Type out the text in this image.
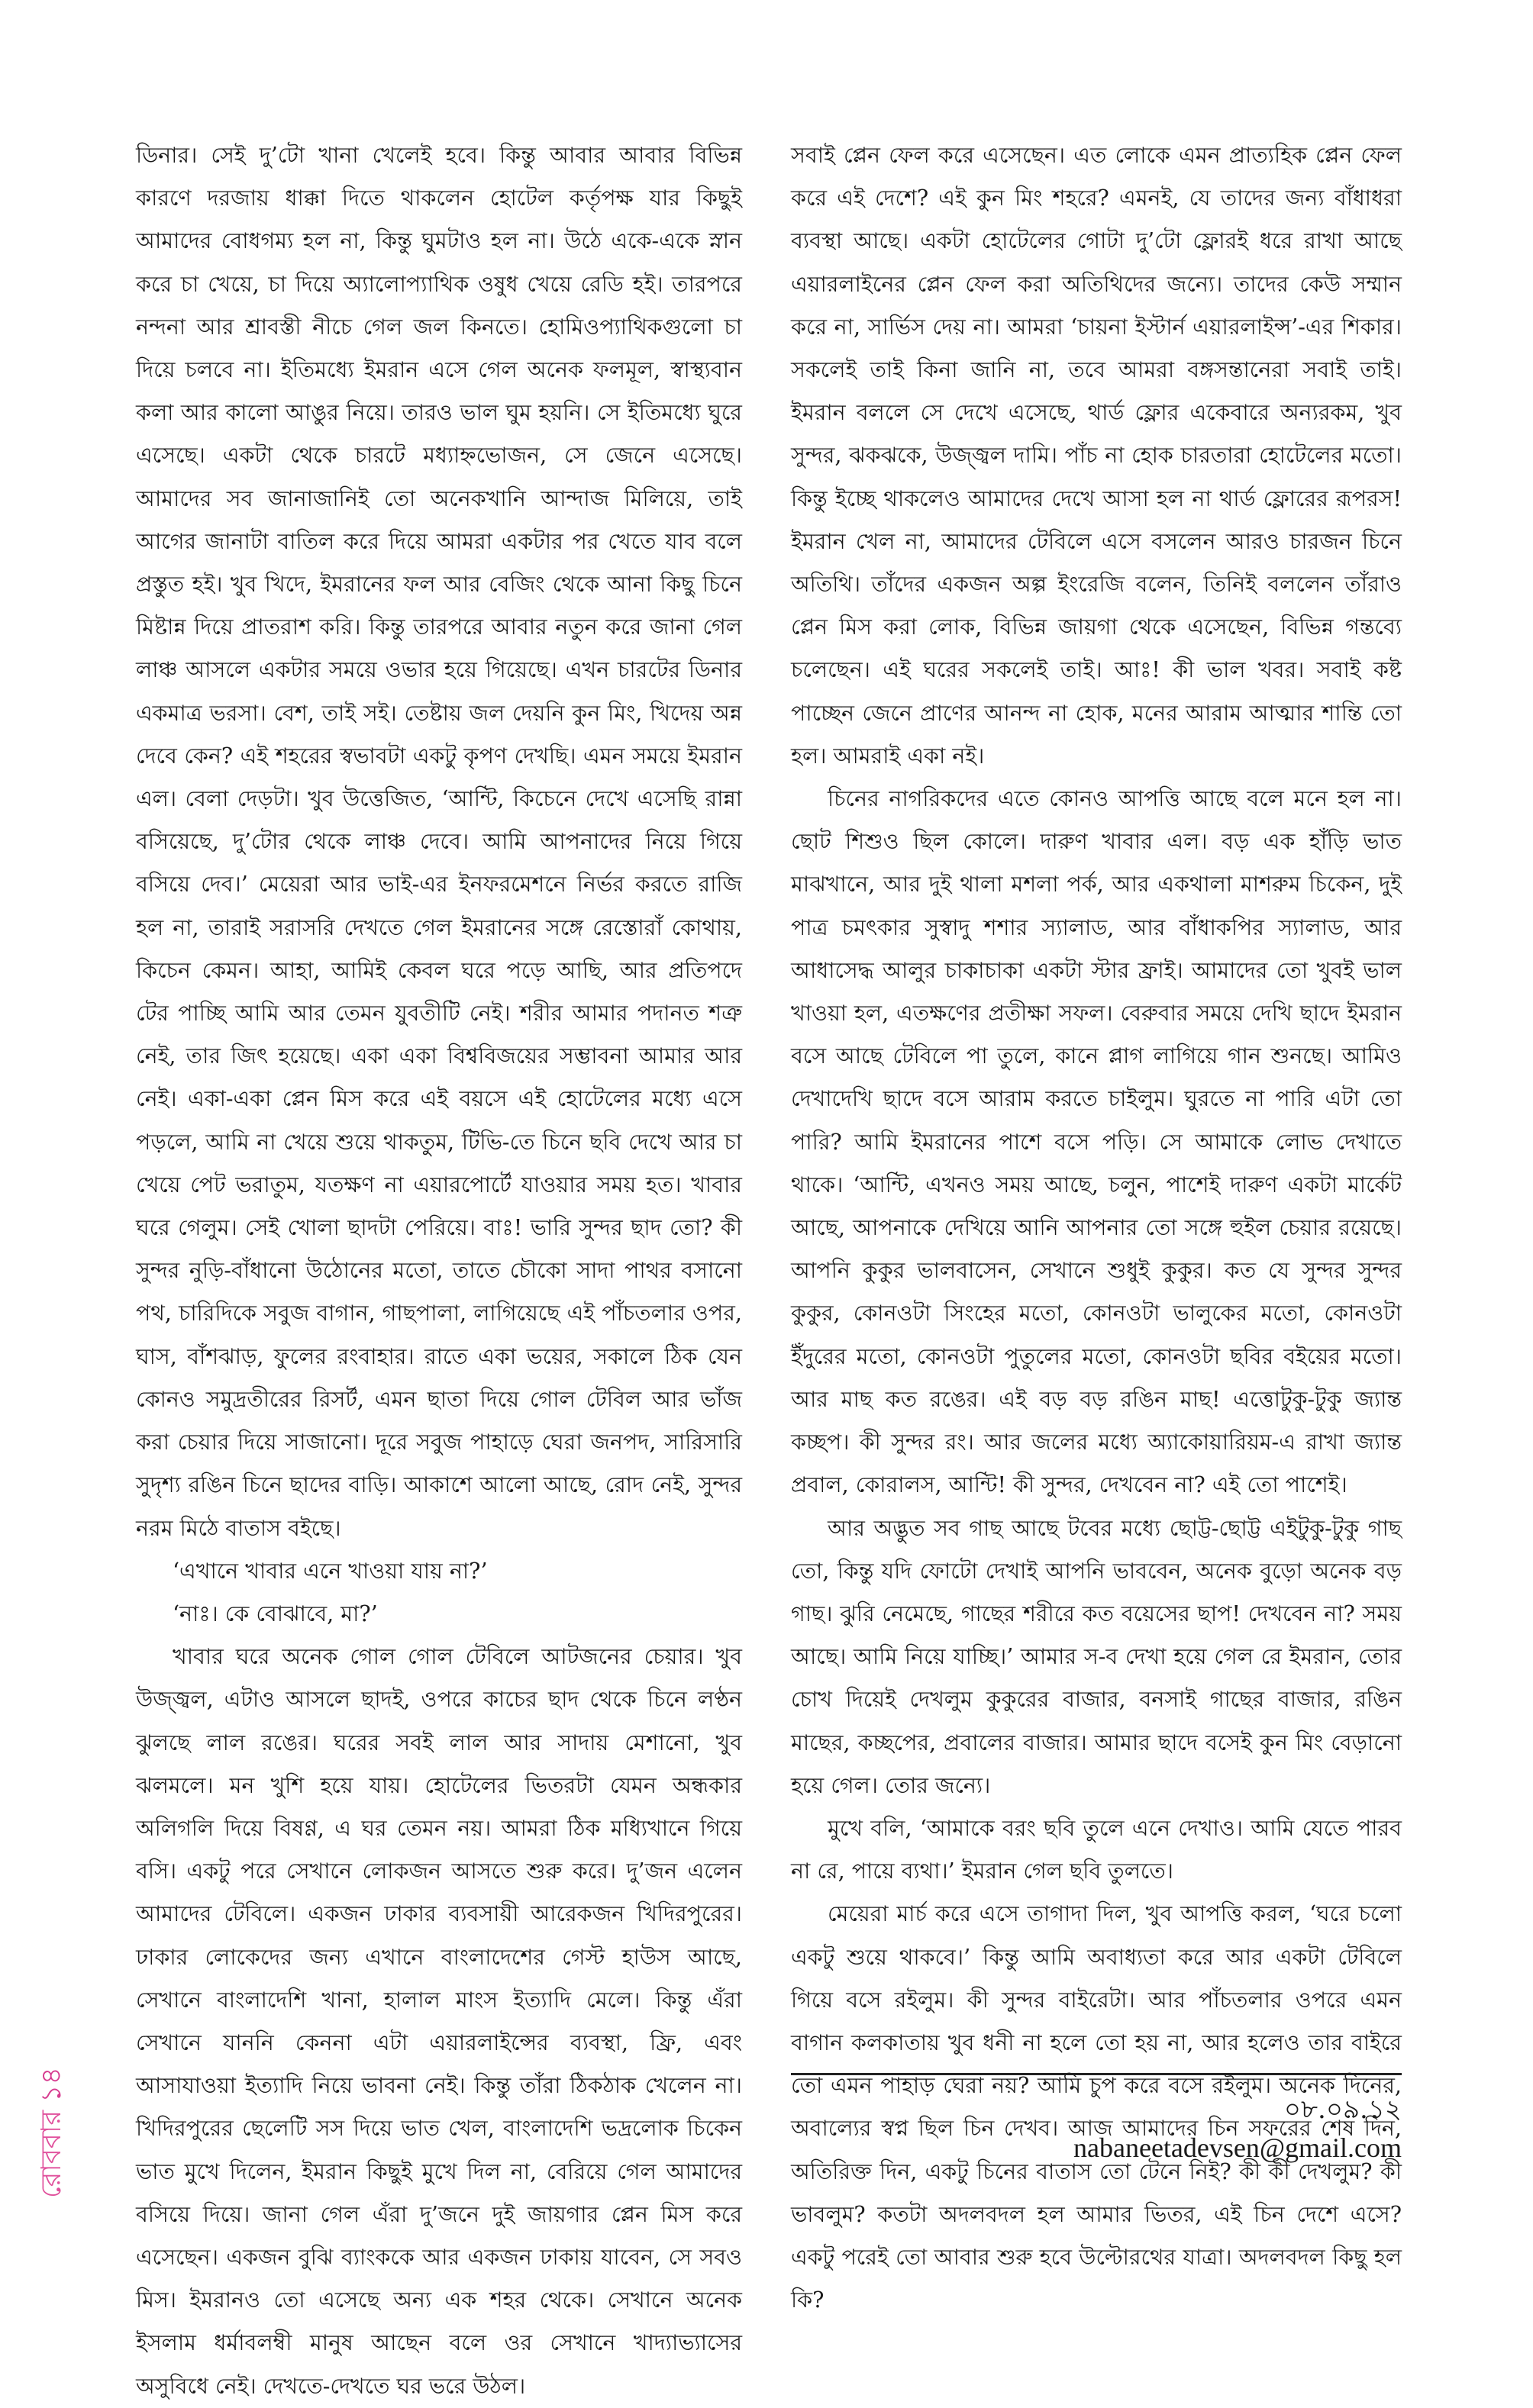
ডিনার। সেই দু’টো খানা খেলেই হবে। কিন্তু আবার আবার বিভিন্ন কারণে দরজায় ধাক্কা দিতে থাকলেন হোটেল কর্তৃপক্ষ যার কিছুই আমাদের বোধগম্য হল না, কিন্তু ঘুমটাও হল না। উঠে একে-একে স্নান করে চা খেয়ে, চা দিয়ে অ্যালোপ্যাথিক ওষুধ খেয়ে রেডি হই। তারপরে নন্দনা আর শ্রাবস্তী নীচে গেল জল কিনতে। হোমিওপ্যাথিকগুলো চা দিয়ে চলবে না। ইতিমধ্যে ইমরান এসে গেল অনেক ফলমূল, স্বাস্থ্যবান কলা আর কালো আঙুর নিয়ে। তারও ভাল ঘুম হয়নি। সে ইতিমধ্যে ঘুরে এসেছে। একটা থেকে চারটে মধ্যাহ্নভোজন, সে জেনে এসেছে। আমাদের সব জানাজানিই তো অনেকখানি আন্দাজ মিলিয়ে, তাই আগের জানাটা বাতিল করে দিয়ে আমরা একটার পর খেতে যাব বলে প্রস্তুত হই। খুব খিদে, ইমরানের ফল আর বেজিং থেকে আনা কিছু চিনে মিষ্টান্ন দিয়ে প্রাতরাশ করি। কিন্তু তারপরে আবার নতুন করে জানা গেল লাঞ্চ আসলে একটার সময়ে ওভার হয়ে গিয়েছে। এখন চারটের ডিনার একমাত্র ভরসা। বেশ, তাই সই। তেষ্টায় জল দেয়নি কুন মিং, খিদেয় অন্ন দেবে কেন? এই শহরের স্বভাবটা একটু কৃপণ দেখছি। এমন সময়ে ইমরান এল। বেলা দেড়টা। খুব উত্তেজিত, ‘আন্টি, কিচেনে দেখে এসেছি রান্না বসিয়েছে, দু’টোর থেকে লাঞ্চ দেবে। আমি আপনাদের নিয়ে গিয়ে বসিয়ে দেব।’ মেয়েরা আর ভাই-এর ইনফরমেশনে নির্ভর করতে রাজি হল না, তারাই সরাসরি দেখতে গেল ইমরানের সঙ্গে রেস্তোরাঁ কোথায়, কিচেন কেমন। আহা, আমিই কেবল ঘরে পড়ে আছি, আর প্রতিপদে টের পাচ্ছি আমি আর তেমন যুবতীটি নেই। শরীর আমার পদানত শত্রু নেই, তার জিৎ হয়েছে। একা একা বিশ্ববিজয়ের সম্ভাবনা আমার আর নেই। একা-একা প্লেন মিস করে এই বয়সে এই হোটেলের মধ্যে এসে পড়লে, আমি না খেয়ে শুয়ে থাকতুম, টিভি-তে চিনে ছবি দেখে আর চা খেয়ে পেট ভরাতুম, যতক্ষণ না এয়ারপোর্টে যাওয়ার সময় হত। খাবার ঘরে গেলুম। সেই খোলা ছাদটা পেরিয়ে। বাঃ! ভারি সুন্দর ছাদ তো? কী সুন্দর নুড়ি-বাঁধানো উঠোনের মতো, তাতে চৌকো সাদা পাথর বসানো পথ, চারিদিকে সবুজ বাগান, গাছপালা, লাগিয়েছে এই পাঁচতলার ওপর, ঘাস, বাঁশঝাড়, ফুলের রংবাহার। রাতে একা ভয়ের, সকালে ঠিক যেন কোনও সমুদ্রতীরের রিসর্ট, এমন ছাতা দিয়ে গোল টেবিল আর ভাঁজ করা চেয়ার দিয়ে সাজানো। দূরে সবুজ পাহাড়ে ঘেরা জনপদ, সারিসারি সুদৃশ্য রঙিন চিনে ছাদের বাড়ি। আকাশে আলো আছে, রোদ নেই, সুন্দর নরম মিঠে বাতাস বইছে।

‘এখানে খাবার এনে খাওয়া যায় না?’

‘নাঃ। কে বোঝাবে, মা?’

খাবার ঘরে অনেক গোল গোল টেবিলে আটজনের চেয়ার। খুব উজ্জ্বল, এটাও আসলে ছাদই, ওপরে কাচের ছাদ থেকে চিনে লণ্ঠন ঝুলছে লাল রঙের। ঘরের সবই লাল আর সাদায় মেশানো, খুব ঝলমলে। মন খুশি হয়ে যায়। হোটেলের ভিতরটা যেমন অন্ধকার অলিগলি দিয়ে বিষণ্ণ, এ ঘর তেমন নয়। আমরা ঠিক মধ্যিখানে গিয়ে বসি। একটু পরে সেখানে লোকজন আসতে শুরু করে। দু’জন এলেন আমাদের টেবিলে। একজন ঢাকার ব্যবসায়ী আরেকজন খিদিরপুরের। ঢাকার লোকেদের জন্য এখানে বাংলাদেশের গেস্ট হাউস আছে, সেখানে বাংলাদেশি খানা, হালাল মাংস ইত্যাদি মেলে। কিন্তু এঁরা সেখানে যাননি কেননা এটা এয়ারলাইন্সের ব্যবস্থা, ফ্রি, এবং আসাযাওয়া ইত্যাদি নিয়ে ভাবনা নেই। কিন্তু তাঁরা ঠিকঠাক খেলেন না। খিদিরপুরের ছেলেটি সস দিয়ে ভাত খেল, বাংলাদেশি ভদ্রলোক চিকেন ভাত মুখে দিলেন, ইমরান কিছুই মুখে দিল না, বেরিয়ে গেল আমাদের বসিয়ে দিয়ে। জানা গেল এঁরা দু’জনে দুই জায়গার প্লেন মিস করে এসেছেন। একজন বুঝি ব্যাংককে আর একজন ঢাকায় যাবেন, সে সবও মিস। ইমরানও তো এসেছে অন্য এক শহর থেকে। সেখানে অনেক ইসলাম ধর্মাবলম্বী মানুষ আছেন বলে ওর সেখানে খাদ্যাভ্যাসের অসুবিধে নেই। দেখতে-দেখতে ঘর ভরে উঠল।

সবাই প্লেন ফেল করে এসেছেন। এত লোকে এমন প্রাত্যহিক প্লেন ফেল করে এই দেশে? এই কুন মিং শহরে? এমনই, যে তাদের জন্য বাঁধাধরা ব্যবস্থা আছে। একটা হোটেলের গোটা দু’টো ফ্লোরই ধরে রাখা আছে এয়ারলাইনের প্লেন ফেল করা অতিথিদের জন্যে। তাদের কেউ সম্মান করে না, সার্ভিস দেয় না। আমরা ‘চায়না ইস্টার্ন এয়ারলাইন্স’-এর শিকার। সকলেই তাই কিনা জানি না, তবে আমরা বঙ্গসন্তানেরা সবাই তাই। ইমরান বললে সে দেখে এসেছে, থার্ড ফ্লোর একেবারে অন্যরকম, খুব সুন্দর, ঝকঝকে, উজ্জ্বল দামি। পাঁচ না হোক চারতারা হোটেলের মতো। কিন্তু ইচ্ছে থাকলেও আমাদের দেখে আসা হল না থার্ড ফ্লোরের রূপরস! ইমরান খেল না, আমাদের টেবিলে এসে বসলেন আরও চারজন চিনে অতিথি। তাঁদের একজন অল্প ইংরেজি বলেন, তিনিই বললেন তাঁরাও প্লেন মিস করা লোক, বিভিন্ন জায়গা থেকে এসেছেন, বিভিন্ন গন্তব্যে চলেছেন। এই ঘরের সকলেই তাই। আঃ! কী ভাল খবর। সবাই কষ্ট পাচ্ছেন জেনে প্রাণের আনন্দ না হোক, মনের আরাম আত্মার শান্তি তো হল। আমরাই একা নই।

চিনের নাগরিকদের এতে কোনও আপত্তি আছে বলে মনে হল না। ছোট শিশুও ছিল কোলে। দারুণ খাবার এল। বড় এক হাঁড়ি ভাত মাঝখানে, আর দুই থালা মশলা পর্ক, আর একথালা মাশরুম চিকেন, দুই পাত্র চমৎকার সুস্বাদু শশার স্যালাড, আর বাঁধাকপির স্যালাড, আর আধাসেদ্ধ আলুর চাকাচাকা একটা স্টার ফ্রাই। আমাদের তো খুবই ভাল খাওয়া হল, এতক্ষণের প্রতীক্ষা সফল। বেরুবার সময়ে দেখি ছাদে ইমরান বসে আছে টেবিলে পা তুলে, কানে প্লাগ লাগিয়ে গান শুনছে। আমিও দেখাদেখি ছাদে বসে আরাম করতে চাইলুম। ঘুরতে না পারি এটা তো পারি? আমি ইমরানের পাশে বসে পড়ি। সে আমাকে লোভ দেখাতে থাকে। ‘আন্টি, এখনও সময় আছে, চলুন, পাশেই দারুণ একটা মার্কেট আছে, আপনাকে দেখিয়ে আনি আপনার তো সঙ্গে হুইল চেয়ার রয়েছে। আপনি কুকুর ভালবাসেন, সেখানে শুধুই কুকুর। কত যে সুন্দর সুন্দর কুকুর, কোনওটা সিংহের মতো, কোনওটা ভালুকের মতো, কোনওটা ইঁদুরের মতো, কোনওটা পুতুলের মতো, কোনওটা ছবির বইয়ের মতো। আর মাছ কত রঙের। এই বড় বড় রঙিন মাছ! এত্তোটুকু-টুকু জ্যান্ত কচ্ছপ। কী সুন্দর রং। আর জলের মধ্যে অ্যাকোয়ারিয়ম-এ রাখা জ্যান্ত প্রবাল, কোরালস, আন্টি! কী সুন্দর, দেখবেন না? এই তো পাশেই।

আর অদ্ভুত সব গাছ আছে টবের মধ্যে ছোট্ট-ছোট্ট এইটুকু-টুকু গাছ তো, কিন্তু যদি ফোটো দেখাই আপনি ভাববেন, অনেক বুড়ো অনেক বড় গাছ। ঝুরি নেমেছে, গাছের শরীরে কত বয়েসের ছাপ! দেখবেন না? সময় আছে। আমি নিয়ে যাচ্ছি।’ আমার স-ব দেখা হয়ে গেল রে ইমরান, তোর চোখ দিয়েই দেখলুম কুকুরের বাজার, বনসাই গাছের বাজার, রঙিন মাছের, কচ্ছপের, প্রবালের বাজার। আমার ছাদে বসেই কুন মিং বেড়ানো হয়ে গেল। তোর জন্যে।

মুখে বলি, ‘আমাকে বরং ছবি তুলে এনে দেখাও। আমি যেতে পারব না রে, পায়ে ব্যথা।’ ইমরান গেল ছবি তুলতে।

মেয়েরা মার্চ করে এসে তাগাদা দিল, খুব আপত্তি করল, ‘ঘরে চলো একটু শুয়ে থাকবে।’ কিন্তু আমি অবাধ্যতা করে আর একটা টেবিলে গিয়ে বসে রইলুম। কী সুন্দর বাইরেটা। আর পাঁচতলার ওপরে এমন বাগান কলকাতায় খুব ধনী না হলে তো হয় না, আর হলেও তার বাইরে তো এমন পাহাড় ঘেরা নয়? আমি চুপ করে বসে রইলুম। অনেক দিনের, অবাল্যের স্বপ্ন ছিল চিন দেখব। আজ আমাদের চিন সফরের শেষ দিন, অতিরিক্ত দিন, একটু চিনের বাতাস তো টেনে নিই? কী কী দেখলুম? কী ভাবলুম? কতটা অদলবদল হল আমার ভিতর, এই চিন দেশে এসে? একটু পরেই তো আবার শুরু হবে উল্টোরথের যাত্রা। অদলবদল কিছু হল কি?

০৮.০৯.১২
nabaneetadevsen@gmail.com
রোববার১৪
